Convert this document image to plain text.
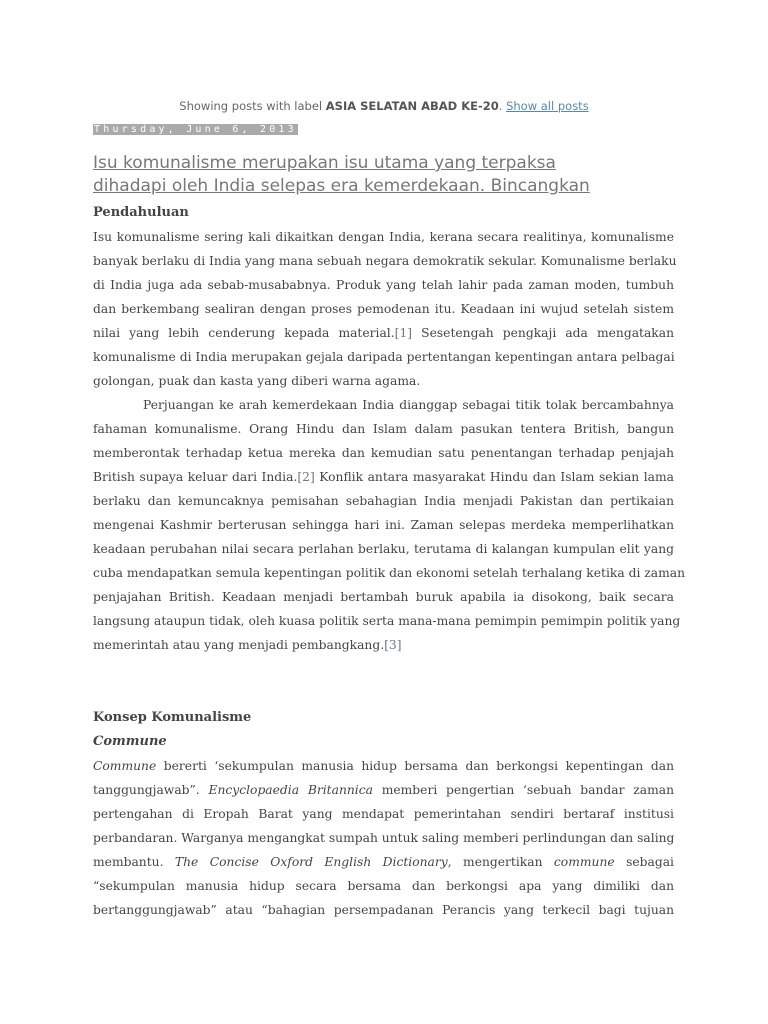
Showing posts with label ASIA SELATAN ABAD KE-20. Show all posts
Thursday, June 6, 2013
Isu komunalisme merupakan isu utama yang terpaksa
dihadapi oleh India selepas era kemerdekaan. Bincangkan
Pendahuluan
Isu komunalisme sering kali dikaitkan dengan India, kerana secara realitinya, komunalisme
banyak berlaku di India yang mana sebuah negara demokratik sekular. Komunalisme berlaku
di India juga ada sebab-musababnya. Produk yang telah lahir pada zaman moden, tumbuh
dan berkembang sealiran dengan proses pemodenan itu. Keadaan ini wujud setelah sistem
nilai yang lebih cenderung kepada material.[1] Sesetengah pengkaji ada mengatakan
komunalisme di India merupakan gejala daripada pertentangan kepentingan antara pelbagai
golongan, puak dan kasta yang diberi warna agama.
Perjuangan ke arah kemerdekaan India dianggap sebagai titik tolak bercambahnya
fahaman komunalisme. Orang Hindu dan Islam dalam pasukan tentera British, bangun
memberontak terhadap ketua mereka dan kemudian satu penentangan terhadap penjajah
British supaya keluar dari India.[2] Konflik antara masyarakat Hindu dan Islam sekian lama
berlaku dan kemuncaknya pemisahan sebahagian India menjadi Pakistan dan pertikaian
mengenai Kashmir berterusan sehingga hari ini. Zaman selepas merdeka memperlihatkan
keadaan perubahan nilai secara perlahan berlaku, terutama di kalangan kumpulan elit yang
cuba mendapatkan semula kepentingan politik dan ekonomi setelah terhalang ketika di zaman
penjajahan British. Keadaan menjadi bertambah buruk apabila ia disokong, baik secara
langsung ataupun tidak, oleh kuasa politik serta mana-mana pemimpin pemimpin politik yang
memerintah atau yang menjadi pembangkang.[3]
Konsep Komunalisme
Commune
Commune bererti ‘sekumpulan manusia hidup bersama dan berkongsi kepentingan dan
tanggungjawab”. Encyclopaedia Britannica memberi pengertian ‘sebuah bandar zaman
pertengahan di Eropah Barat yang mendapat pemerintahan sendiri bertaraf institusi
perbandaran. Warganya mengangkat sumpah untuk saling memberi perlindungan dan saling
membantu. The Concise Oxford English Dictionary, mengertikan commune sebagai
“sekumpulan manusia hidup secara bersama dan berkongsi apa yang dimiliki dan
bertanggungjawab” atau “bahagian persempadanan Perancis yang terkecil bagi tujuan
